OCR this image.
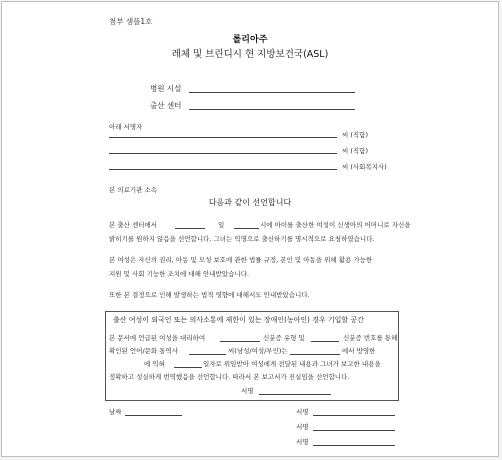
첨부 샘플1호
롤리아주
레체 및 브린디시 현 지방보건국(ASL)
병원 시설
출산 센터
아래 서명자
씨 (직함)
씨 (직함)
씨 (사회복지사)
본 의료기관 소속
다음과 같이 선언합니다
본 출산 센터에서	일	시에 아이를 출산한 여성이 신생아의 어머니로 자신을
밝히기를 원하지 않음을 선언합니다. 그녀는 익명으로 출산하기를 명시적으로 요청하였습니다.
본 여성은 자신의 권리, 아동 및 모성 보호에 관한 법률 규정, 본인 및 아동을 위해 활용 가능한
지원 및 사회 기능한 조치에 대해 안내받았습니다.
또한 본 결정으로 인해 발생하는 법적 영향에 대해서도 안내받았습니다.
출산 여성이 외국인 또는 의사소통에 제한이 있는 장애인(농아인) 경우 기입할 공간
본 문서에 언급된 여성을 대리하여	신분증 유형 및	신분증 번호를 통해
확인된 언어/문화 통역사	씨(남성/여성/부인)는	에서 방영한
에 익혀	일자로 위임받아 여성에게 전달된 내용과 그녀가 보고한 내용을
정확하고 성실하게 번역했음을 선언합니다. 따라서 본 보고서가 진실임을 선언합니다.
서명
날짜	서명
서명
서명
